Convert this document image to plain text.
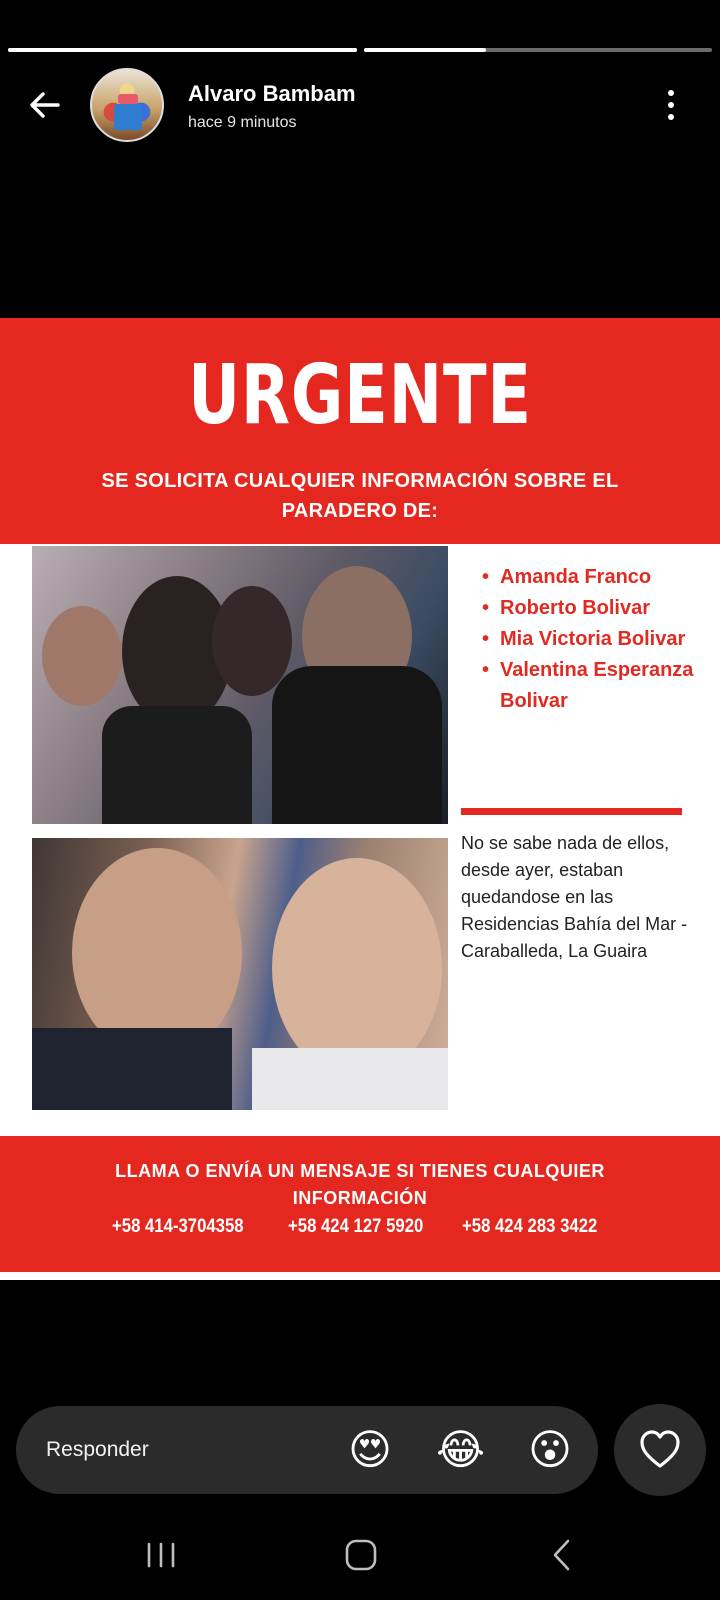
Alvaro Bambam
hace 9 minutos
URGENTE
SE SOLICITA CUALQUIER INFORMACIÓN SOBRE EL PARADERO DE:
• Amanda Franco
• Roberto Bolivar
• Mia Victoria Bolivar
• Valentina Esperanza Bolivar
No se sabe nada de ellos, desde ayer, estaban quedandose en las Residencias Bahía del Mar - Caraballeda, La Guaira
LLAMA O ENVÍA UN MENSAJE SI TIENES CUALQUIER INFORMACIÓN
+58 414-3704358 +58 424 127 5920 +58 424 283 3422
Responder	😍 😂 😮
